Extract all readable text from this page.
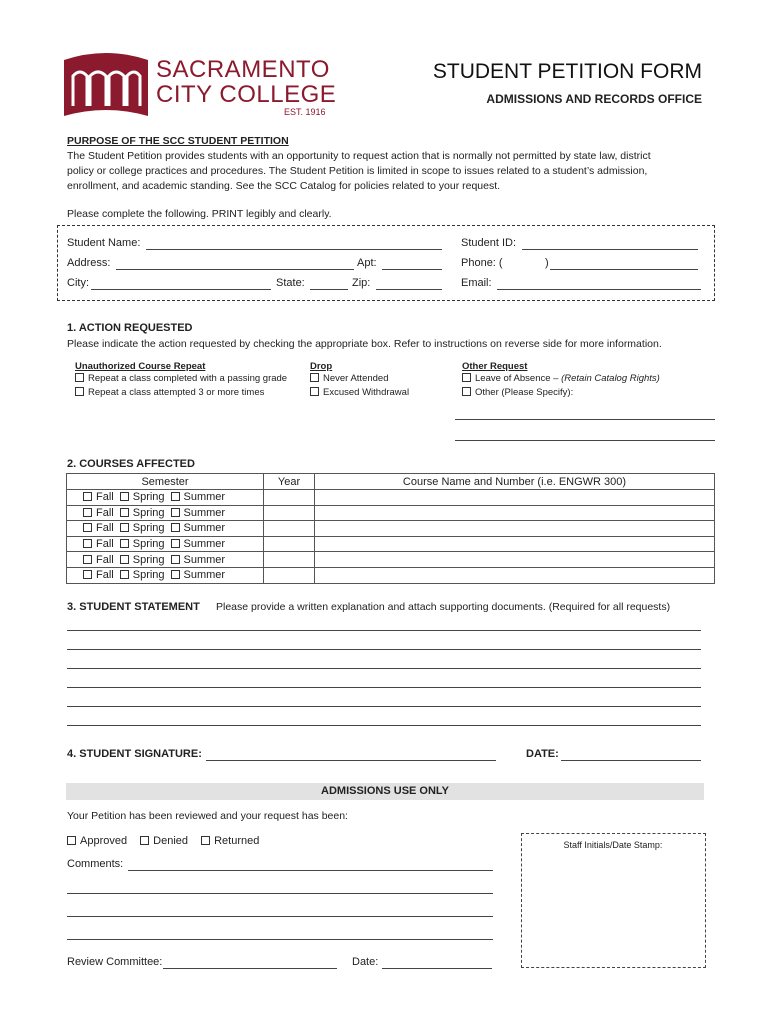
SCC SACRAMENTO
CITY COLLEGE
EST. 1916
STUDENT PETITION FORM
ADMISSIONS AND RECORDS OFFICE
PURPOSE OF THE SCC STUDENT PETITION
The Student Petition provides students with an opportunity to request action that is normally not permitted by state law, district
policy or college practices and procedures. The Student Petition is limited in scope to issues related to a student’s admission,
enrollment, and academic standing. See the SCC Catalog for policies related to your request.
Please complete the following. PRINT legibly and clearly.
Student Name:	Student ID:
Address:	Apt:	Phone: (	)
City:	State:	Zip:	Email:
1. ACTION REQUESTED
Please indicate the action requested by checking the appropriate box. Refer to instructions on reverse side for more information.
Unauthorized Course Repeat
Repeat a class completed with a passing grade
Repeat a class attempted 3 or more times
Drop
Never Attended
Excused Withdrawal
Other Request
Leave of Absence – (Retain Catalog Rights)
Other (Please Specify):
2. COURSES AFFECTED
Semester	Year	Course Name and Number (i.e. ENGWR 300)
Fall Spring Summer		
Fall Spring Summer		
Fall Spring Summer		
Fall Spring Summer		
Fall Spring Summer		
Fall Spring Summer		
3. STUDENT STATEMENT Please provide a written explanation and attach supporting documents. (Required for all requests)
4. STUDENT SIGNATURE:	DATE:
ADMISSIONS USE ONLY
Your Petition has been reviewed and your request has been:
Approved Denied Returned
Comments:
Staff Initials/Date Stamp:
Review Committee:	Date:
